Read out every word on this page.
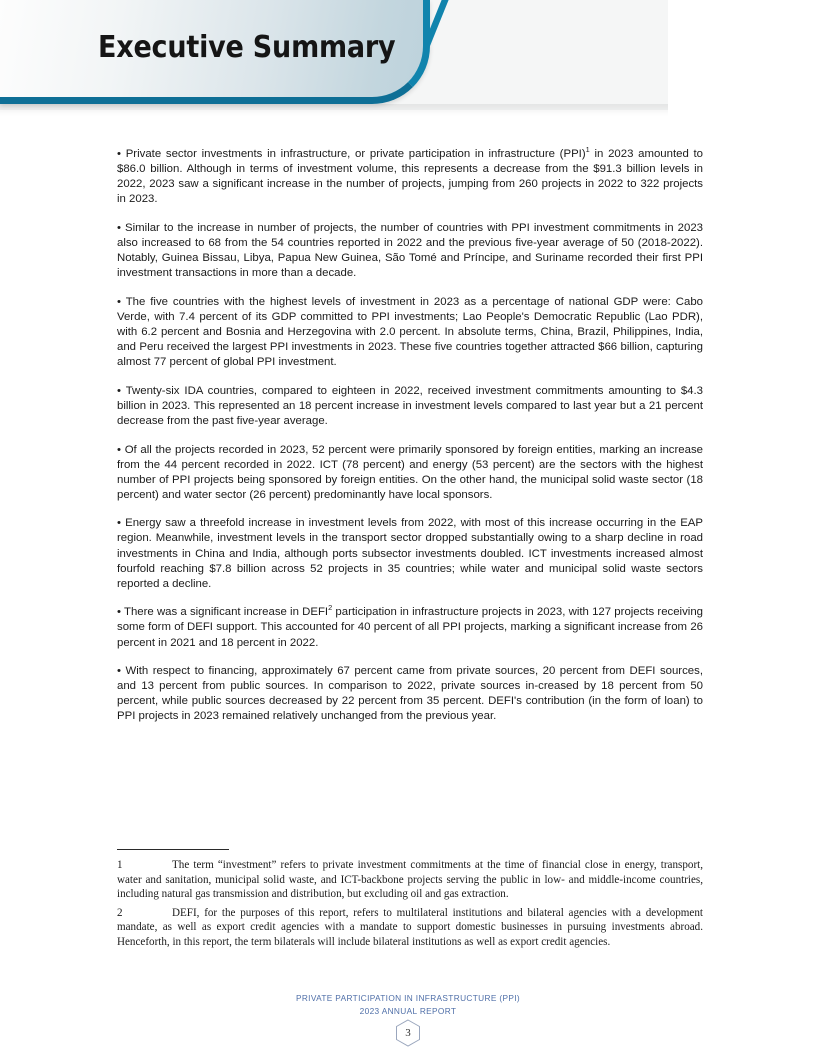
Executive Summary

• Private sector investments in infrastructure, or private participation in infrastructure (PPI)$^1$ in 2023 amounted to $86.0 billion. Although in terms of investment volume, this represents a decrease from the $91.3 billion levels in 2022, 2023 saw a significant increase in the number of projects, jumping from 260 projects in 2022 to 322 projects in 2023.

• Similar to the increase in number of projects, the number of countries with PPI investment commitments in 2023 also increased to 68 from the 54 countries reported in 2022 and the previous five-year average of 50 (2018-2022). Notably, Guinea Bissau, Libya, Papua New Guinea, São Tomé and Príncipe, and Suriname recorded their first PPI investment transactions in more than a decade.

• The five countries with the highest levels of investment in 2023 as a percentage of national GDP were: Cabo Verde, with 7.4 percent of its GDP committed to PPI investments; Lao People's Democratic Republic (Lao PDR), with 6.2 percent and Bosnia and Herzegovina with 2.0 percent. In absolute terms, China, Brazil, Philippines, India, and Peru received the largest PPI investments in 2023. These five countries together attracted $66 billion, capturing almost 77 percent of global PPI investment.

• Twenty-six IDA countries, compared to eighteen in 2022, received investment commitments amounting to $4.3 billion in 2023. This represented an 18 percent increase in investment levels compared to last year but a 21 percent decrease from the past five-year average.

• Of all the projects recorded in 2023, 52 percent were primarily sponsored by foreign entities, marking an increase from the 44 percent recorded in 2022. ICT (78 percent) and energy (53 percent) are the sectors with the highest number of PPI projects being sponsored by foreign entities. On the other hand, the municipal solid waste sector (18 percent) and water sector (26 percent) predominantly have local sponsors.

• Energy saw a threefold increase in investment levels from 2022, with most of this increase occurring in the EAP region. Meanwhile, investment levels in the transport sector dropped substantially owing to a sharp decline in road investments in China and India, although ports subsector investments doubled. ICT investments increased almost fourfold reaching $7.8 billion across 52 projects in 35 countries; while water and municipal solid waste sectors reported a decline.

• There was a significant increase in DEFI$^2$ participation in infrastructure projects in 2023, with 127 projects receiving some form of DEFI support. This accounted for 40 percent of all PPI projects, marking a significant increase from 26 percent in 2021 and 18 percent in 2022.

• With respect to financing, approximately 67 percent came from private sources, 20 percent from DEFI sources, and 13 percent from public sources. In comparison to 2022, private sources in-creased by 18 percent from 50 percent, while public sources decreased by 22 percent from 35 percent. DEFI's contribution (in the form of loan) to PPI projects in 2023 remained relatively unchanged from the previous year.

1	The term “investment” refers to private investment commitments at the time of financial close in energy, transport, water and sanitation, municipal solid waste, and ICT-backbone projects serving the public in low- and middle-income countries, including natural gas transmission and distribution, but excluding oil and gas extraction.

2	DEFI, for the purposes of this report, refers to multilateral institutions and bilateral agencies with a development mandate, as well as export credit agencies with a mandate to support domestic businesses in pursuing investments abroad. Henceforth, in this report, the term bilaterals will include bilateral institutions as well as export credit agencies.

PRIVATE PARTICIPATION IN INFRASTRUCTURE (PPI)
2023 ANNUAL REPORT
3
